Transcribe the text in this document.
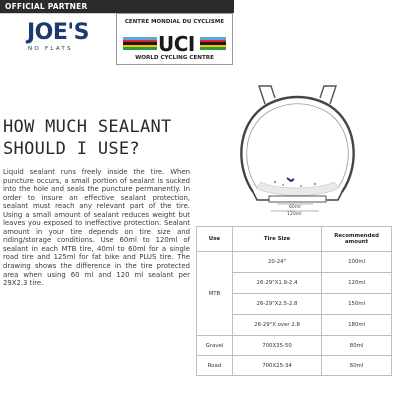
OFFICIAL PARTNER
JOE'S
NO FLATS
CENTRE MONDIAL DU CYCLISME
UCI
WORLD CYCLING CENTRE
HOW MUCH SEALANT
SHOULD I USE?

Liquid sealant runs freely inside the tire. When puncture occurs, a small portion of sealant is sucked into the hole and seals the puncture permanently. In order to insure an effective sealant protection, sealant must reach any relevant part of the tire. Using a small amount of sealant reduces weight but leaves you exposed to ineffective protection. Sealant amount in your tire depends on tire size and riding/storage conditions. Use 60ml to 120ml of sealant in each MTB tire, 40ml to 60ml for a single road tire and 125ml for fat bike and PLUS tire. The drawing shows the difference in the tire protected area when using 60 ml and 120 ml sealant per 29X2.3 tire.

60ml
120ml
Use	Tire Size	Recommended amount
MTB	20-24"	100ml
	26-29"X1.9-2.4	120ml
	26-29"X2.5-2.8	150ml
	26-29"X over 2.8	180ml
Gravel	700X35-50	80ml
Road	700X25-34	60ml
